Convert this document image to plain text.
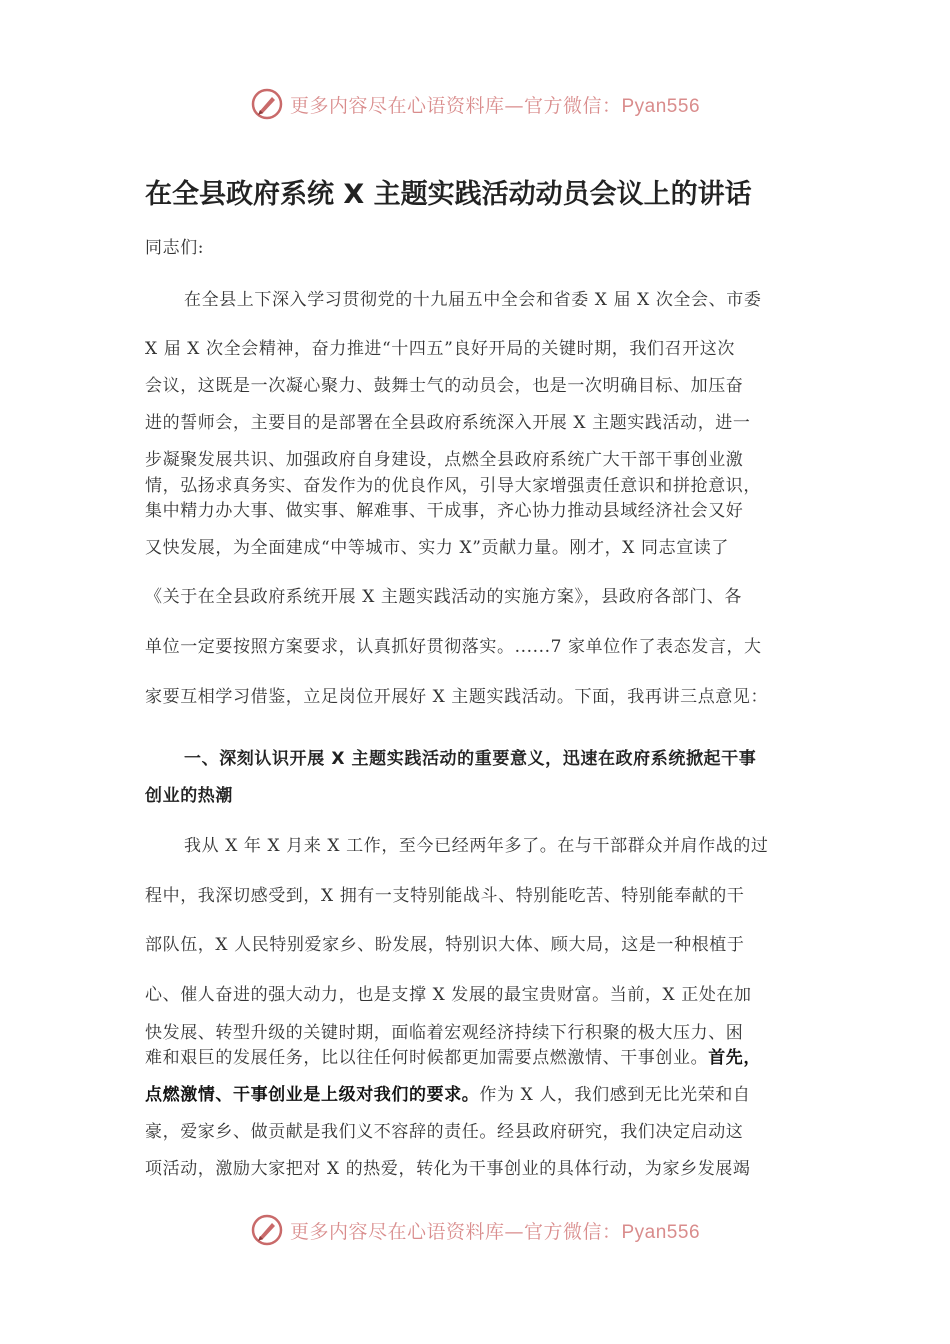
更多内容尽在心语资料库—官方微信：Pyan556
在全县政府系统 X 主题实践活动动员会议上的讲话
同志们:
在全县上下深入学习贯彻党的十九届五中全会和省委 X 届 X 次全会、市委
X 届 X 次全会精神，奋力推进“十四五”良好开局的关键时期，我们召开这次
会议，这既是一次凝心聚力、鼓舞士气的动员会，也是一次明确目标、加压奋
进的誓师会，主要目的是部署在全县政府系统深入开展 X 主题实践活动，进一
步凝聚发展共识、加强政府自身建设，点燃全县政府系统广大干部干事创业激
情，弘扬求真务实、奋发作为的优良作风，引导大家增强责任意识和拼抢意识，
集中精力办大事、做实事、解难事、干成事，齐心协力推动县域经济社会又好
又快发展，为全面建成“中等城市、实力 X”贡献力量。刚才，X 同志宣读了
《关于在全县政府系统开展 X 主题实践活动的实施方案》，县政府各部门、各
单位一定要按照方案要求，认真抓好贯彻落实。......7 家单位作了表态发言，大
家要互相学习借鉴，立足岗位开展好 X 主题实践活动。下面，我再讲三点意见：
一、深刻认识开展 X 主题实践活动的重要意义，迅速在政府系统掀起干事
创业的热潮
我从 X 年 X 月来 X 工作，至今已经两年多了。在与干部群众并肩作战的过
程中，我深切感受到，X 拥有一支特别能战斗、特别能吃苦、特别能奉献的干
部队伍，X 人民特别爱家乡、盼发展，特别识大体、顾大局，这是一种根植于
心、催人奋进的强大动力，也是支撑 X 发展的最宝贵财富。当前，X 正处在加
快发展、转型升级的关键时期，面临着宏观经济持续下行积聚的极大压力、困
难和艰巨的发展任务，比以往任何时候都更加需要点燃激情、干事创业。首先，
点燃激情、干事创业是上级对我们的要求。作为 X 人，我们感到无比光荣和自
豪，爱家乡、做贡献是我们义不容辞的责任。经县政府研究，我们决定启动这
项活动，激励大家把对 X 的热爱，转化为干事创业的具体行动，为家乡发展竭
更多内容尽在心语资料库—官方微信：Pyan556
